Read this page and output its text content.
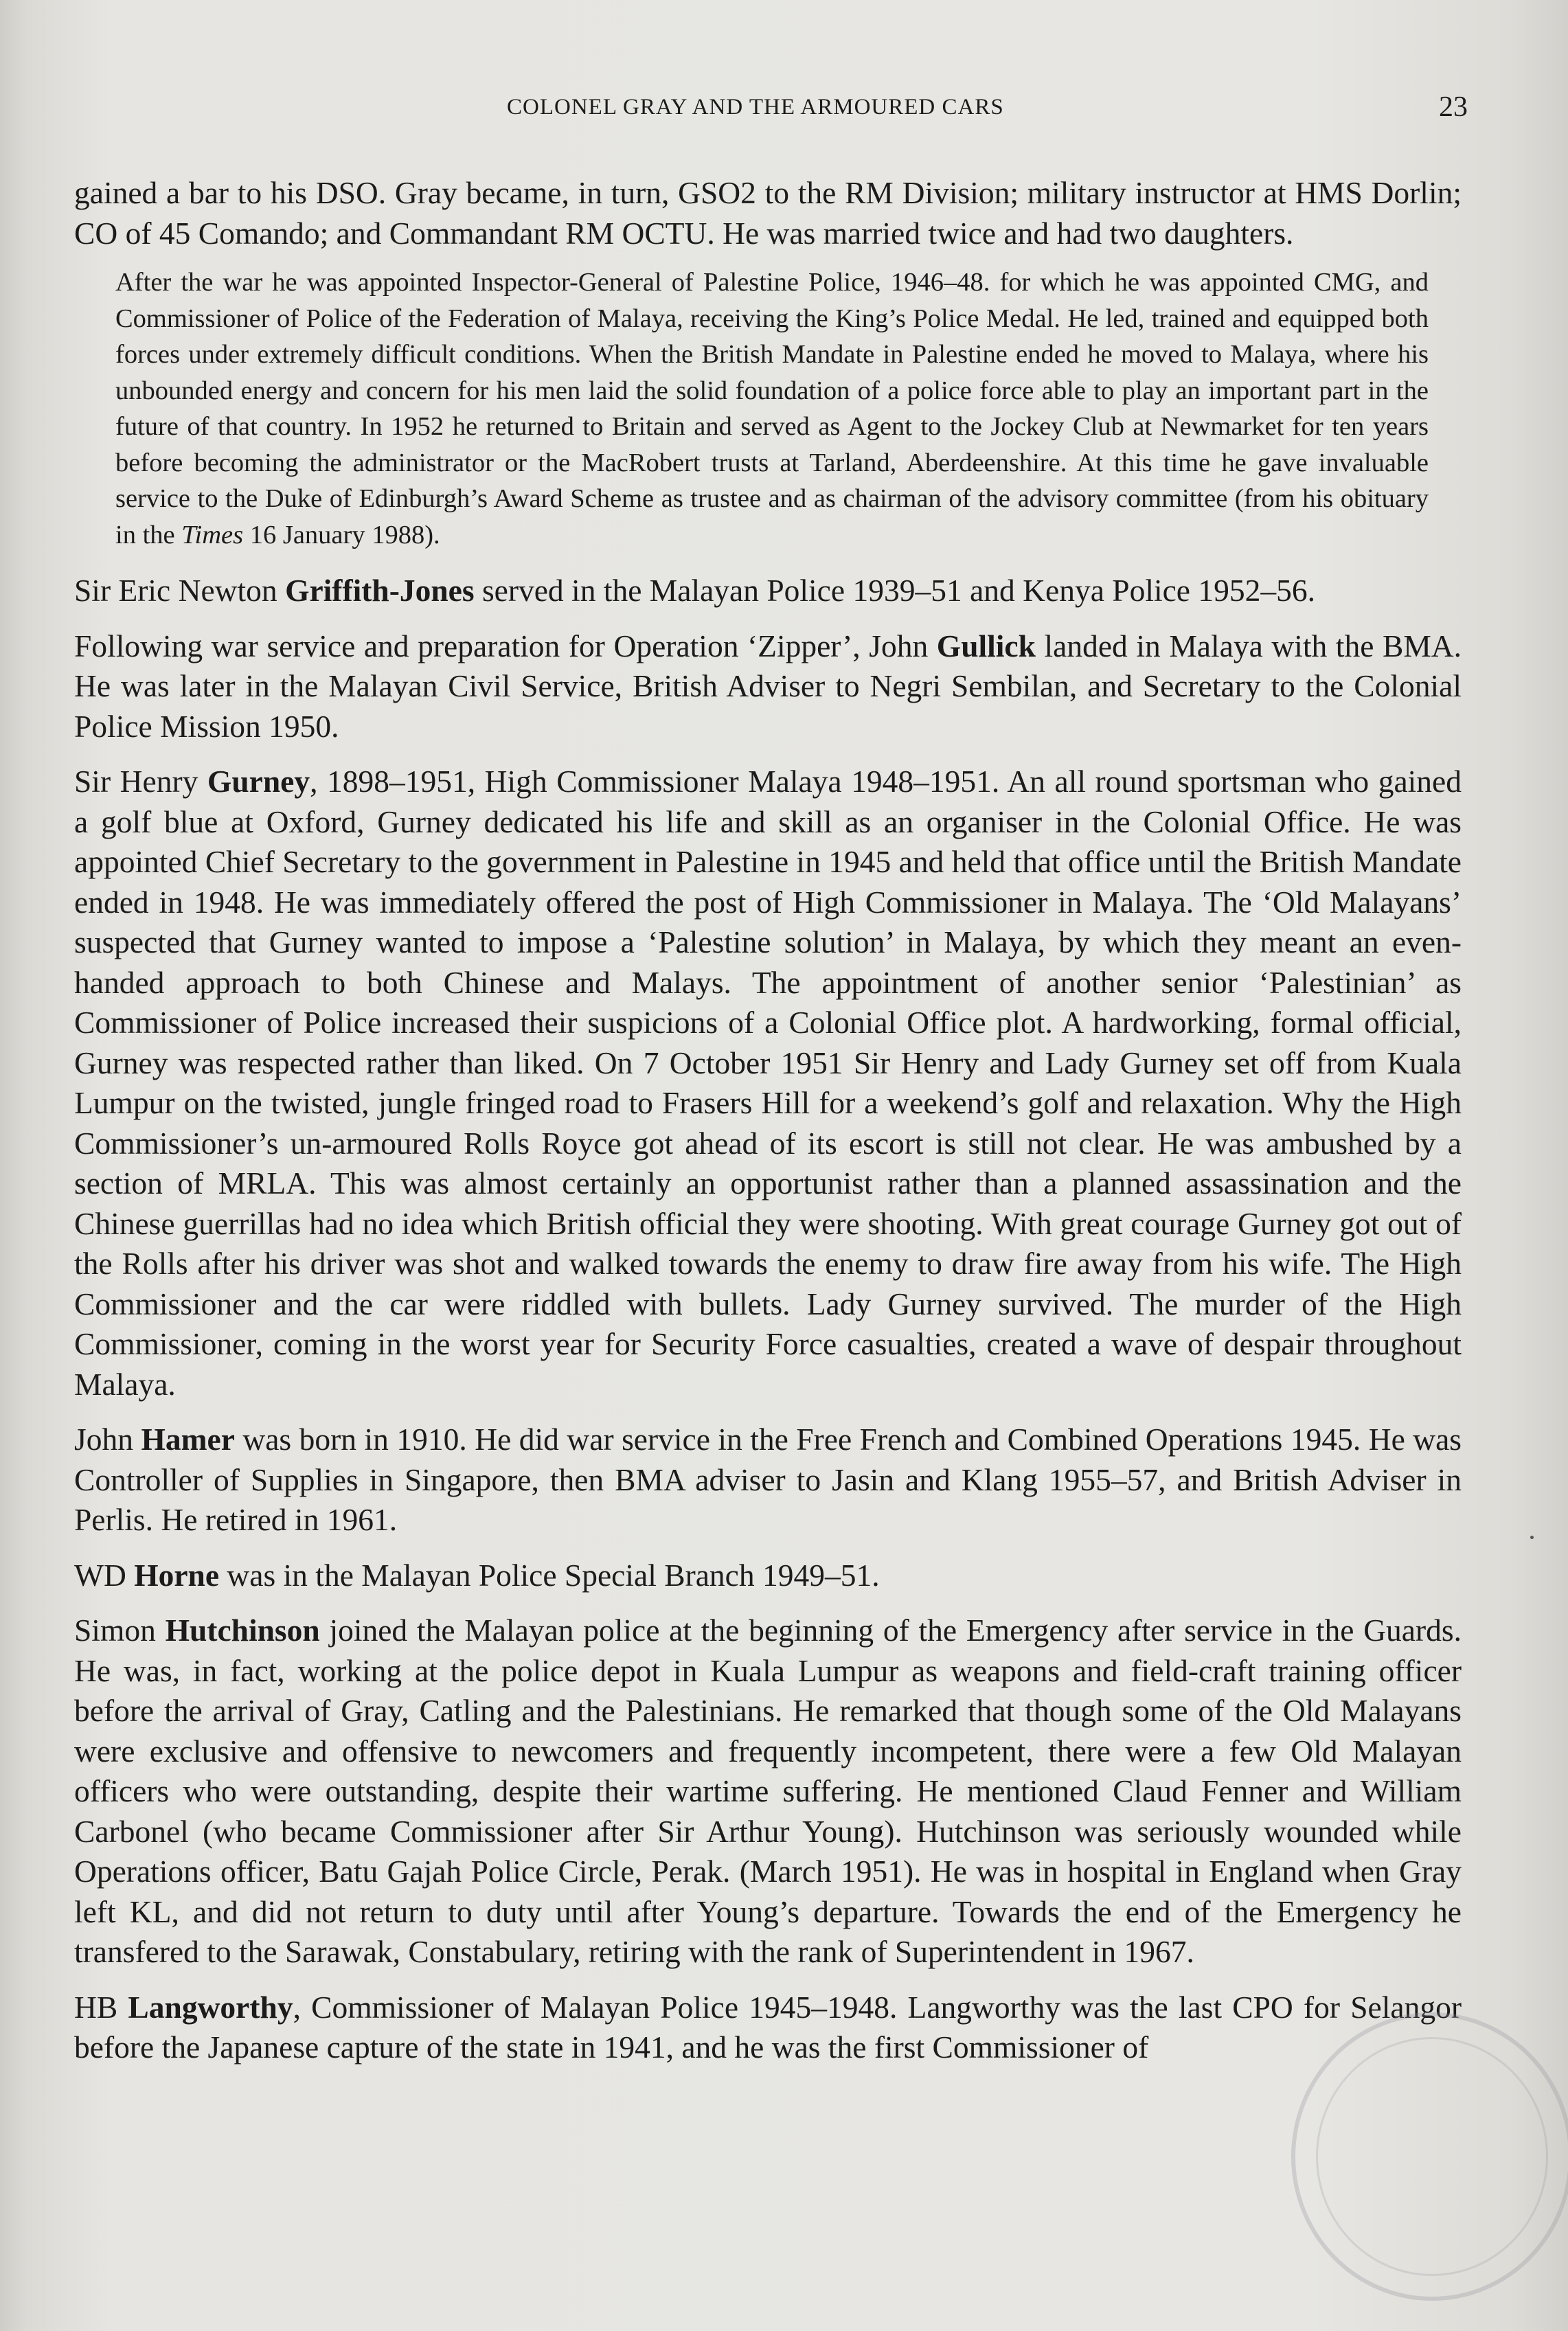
COLONEL GRAY AND THE ARMOURED CARS	23

gained a bar to his DSO. Gray became, in turn, GSO2 to the RM Division; military instructor at HMS Dorlin; CO of 45 Comando; and Commandant RM OCTU. He was married twice and had two daughters.

After the war he was appointed Inspector-General of Palestine Police, 1946–48. for which he was appointed CMG, and Commissioner of Police of the Federation of Malaya, receiving the King’s Police Medal. He led, trained and equipped both forces under extremely difficult conditions. When the British Mandate in Palestine ended he moved to Malaya, where his unbounded energy and concern for his men laid the solid foundation of a police force able to play an important part in the future of that country. In 1952 he returned to Britain and served as Agent to the Jockey Club at Newmarket for ten years before becoming the administrator or the MacRobert trusts at Tarland, Aberdeenshire. At this time he gave invaluable service to the Duke of Edinburgh’s Award Scheme as trustee and as chairman of the advisory committee (from his obituary in the Times 16 January 1988).

Sir Eric Newton Griffith-Jones served in the Malayan Police 1939–51 and Kenya Police 1952–56.

Following war service and preparation for Operation ‘Zipper’, John Gullick landed in Malaya with the BMA. He was later in the Malayan Civil Service, British Adviser to Negri Sembilan, and Secretary to the Colonial Police Mission 1950.

Sir Henry Gurney, 1898–1951, High Commissioner Malaya 1948–1951. An all round sportsman who gained a golf blue at Oxford, Gurney dedicated his life and skill as an organiser in the Colonial Office. He was appointed Chief Secretary to the government in Palestine in 1945 and held that office until the British Mandate ended in 1948. He was immediately offered the post of High Commissioner in Malaya. The ‘Old Malayans’ suspected that Gurney wanted to impose a ‘Palestine solution’ in Malaya, by which they meant an even-handed approach to both Chinese and Malays. The appointment of another senior ‘Palestinian’ as Commissioner of Police increased their suspicions of a Colonial Office plot. A hardworking, formal official, Gurney was respected rather than liked. On 7 October 1951 Sir Henry and Lady Gurney set off from Kuala Lumpur on the twisted, jungle fringed road to Frasers Hill for a weekend’s golf and relaxation. Why the High Commissioner’s un-armoured Rolls Royce got ahead of its escort is still not clear. He was ambushed by a section of MRLA. This was almost certainly an opportunist rather than a planned assassination and the Chinese guerrillas had no idea which British official they were shooting. With great courage Gurney got out of the Rolls after his driver was shot and walked towards the enemy to draw fire away from his wife. The High Commissioner and the car were riddled with bullets. Lady Gurney survived. The murder of the High Commissioner, coming in the worst year for Security Force casualties, created a wave of despair throughout Malaya.

John Hamer was born in 1910. He did war service in the Free French and Combined Operations 1945. He was Controller of Supplies in Singapore, then BMA adviser to Jasin and Klang 1955–57, and British Adviser in Perlis. He retired in 1961.

WD Horne was in the Malayan Police Special Branch 1949–51.

Simon Hutchinson joined the Malayan police at the beginning of the Emergency after service in the Guards. He was, in fact, working at the police depot in Kuala Lumpur as weapons and field-craft training officer before the arrival of Gray, Catling and the Palestinians. He remarked that though some of the Old Malayans were exclusive and offensive to newcomers and frequently incompetent, there were a few Old Malayan officers who were outstanding, despite their wartime suffering. He mentioned Claud Fenner and William Carbonel (who became Commissioner after Sir Arthur Young). Hutchinson was seriously wounded while Operations officer, Batu Gajah Police Circle, Perak. (March 1951). He was in hospital in England when Gray left KL, and did not return to duty until after Young’s departure. Towards the end of the Emergency he transfered to the Sarawak, Constabulary, retiring with the rank of Superintendent in 1967.

HB Langworthy, Commissioner of Malayan Police 1945–1948. Langworthy was the last CPO for Selangor before the Japanese capture of the state in 1941, and he was the first Commissioner of
